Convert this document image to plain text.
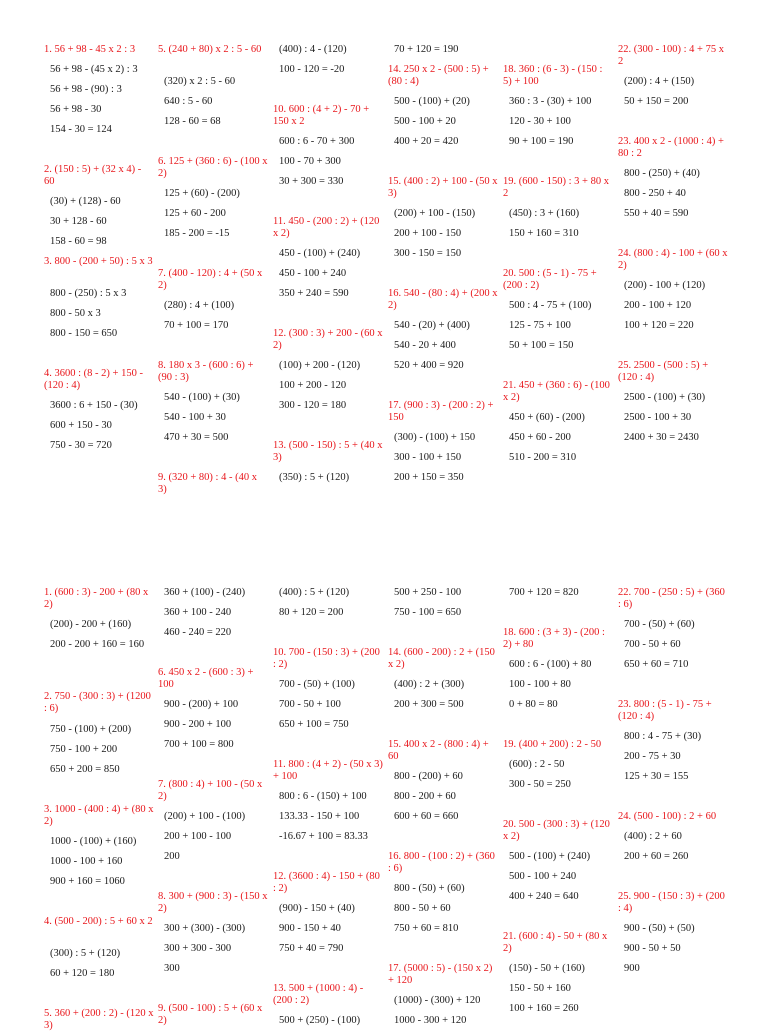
1. 56 + 98 - 45 x 2 : 3
56 + 98 - (45 x 2) : 3
56 + 98 - (90) : 3
56 + 98 - 30
154 - 30 = 124
2. (150 : 5) + (32 x 4) - 60
(30) + (128) - 60
30 + 128 - 60
158 - 60 = 98
3. 800 - (200 + 50) : 5 x 3
800 - (250) : 5 x 3
800 - 50 x 3
800 - 150 = 650
4. 3600 : (8 - 2) + 150 - (120 : 4)
3600 : 6 + 150 - (30)
600 + 150 - 30
750 - 30 = 720
5. (240 + 80) x 2 : 5 - 60
(320) x 2 : 5 - 60
640 : 5 - 60
128 - 60 = 68
6. 125 + (360 : 6) - (100 x 2)
125 + (60) - (200)
125 + 60 - 200
185 - 200 = -15
7. (400 - 120) : 4 + (50 x 2)
(280) : 4 + (100)
70 + 100 = 170
8. 180 x 3 - (600 : 6) + (90 : 3)
540 - (100) + (30)
540 - 100 + 30
470 + 30 = 500
9. (320 + 80) : 4 - (40 x 3)
(400) : 4 - (120)
100 - 120 = -20
10. 600 : (4 + 2) - 70 + 150 x 2
600 : 6 - 70 + 300
100 - 70 + 300
30 + 300 = 330
11. 450 - (200 : 2) + (120 x 2)
450 - (100) + (240)
450 - 100 + 240
350 + 240 = 590
12. (300 : 3) + 200 - (60 x 2)
(100) + 200 - (120)
100 + 200 - 120
300 - 120 = 180
13. (500 - 150) : 5 + (40 x 3)
(350) : 5 + (120)
70 + 120 = 190
14. 250 x 2 - (500 : 5) + (80 : 4)
500 - (100) + (20)
500 - 100 + 20
400 + 20 = 420
15. (400 : 2) + 100 - (50 x 3)
(200) + 100 - (150)
200 + 100 - 150
300 - 150 = 150
16. 540 - (80 : 4) + (200 x 2)
540 - (20) + (400)
540 - 20 + 400
520 + 400 = 920
17. (900 : 3) - (200 : 2) + 150
(300) - (100) + 150
300 - 100 + 150
200 + 150 = 350
18. 360 : (6 - 3) - (150 : 5) + 100
360 : 3 - (30) + 100
120 - 30 + 100
90 + 100 = 190
19. (600 - 150) : 3 + 80 x 2
(450) : 3 + (160)
150 + 160 = 310
20. 500 : (5 - 1) - 75 + (200 : 2)
500 : 4 - 75 + (100)
125 - 75 + 100
50 + 100 = 150
21. 450 + (360 : 6) - (100 x 2)
450 + (60) - (200)
450 + 60 - 200
510 - 200 = 310
22. (300 - 100) : 4 + 75 x 2
(200) : 4 + (150)
50 + 150 = 200
23. 400 x 2 - (1000 : 4) + 80 : 2
800 - (250) + (40)
800 - 250 + 40
550 + 40 = 590
24. (800 : 4) - 100 + (60 x 2)
(200) - 100 + (120)
200 - 100 + 120
100 + 120 = 220
25. 2500 - (500 : 5) + (120 : 4)
2500 - (100) + (30)
2500 - 100 + 30
2400 + 30 = 2430
1. (600 : 3) - 200 + (80 x 2)
(200) - 200 + (160)
200 - 200 + 160 = 160
2. 750 - (300 : 3) + (1200 : 6)
750 - (100) + (200)
750 - 100 + 200
650 + 200 = 850
3. 1000 - (400 : 4) + (80 x 2)
1000 - (100) + (160)
1000 - 100 + 160
900 + 160 = 1060
4. (500 - 200) : 5 + 60 x 2
(300) : 5 + (120)
60 + 120 = 180
5. 360 + (200 : 2) - (120 x 3)
360 + (100) - (240)
360 + 100 - 240
460 - 240 = 220
6. 450 x 2 - (600 : 3) + 100
900 - (200) + 100
900 - 200 + 100
700 + 100 = 800
7. (800 : 4) + 100 - (50 x 2)
(200) + 100 - (100)
200 + 100 - 100
200
8. 300 + (900 : 3) - (150 x 2)
300 + (300) - (300)
300 + 300 - 300
300
9. (500 - 100) : 5 + (60 x 2)
(400) : 5 + (120)
80 + 120 = 200
10. 700 - (150 : 3) + (200 : 2)
700 - (50) + (100)
700 - 50 + 100
650 + 100 = 750
11. 800 : (4 + 2) - (50 x 3) + 100
800 : 6 - (150) + 100
133.33 - 150 + 100
-16.67 + 100 = 83.33
12. (3600 : 4) - 150 + (80 : 2)
(900) - 150 + (40)
900 - 150 + 40
750 + 40 = 790
13. 500 + (1000 : 4) - (200 : 2)
500 + (250) - (100)
500 + 250 - 100
750 - 100 = 650
14. (600 - 200) : 2 + (150 x 2)
(400) : 2 + (300)
200 + 300 = 500
15. 400 x 2 - (800 : 4) + 60
800 - (200) + 60
800 - 200 + 60
600 + 60 = 660
16. 800 - (100 : 2) + (360 : 6)
800 - (50) + (60)
800 - 50 + 60
750 + 60 = 810
17. (5000 : 5) - (150 x 2) + 120
(1000) - (300) + 120
1000 - 300 + 120
700 + 120 = 820
18. 600 : (3 + 3) - (200 : 2) + 80
600 : 6 - (100) + 80
100 - 100 + 80
0 + 80 = 80
19. (400 + 200) : 2 - 50
(600) : 2 - 50
300 - 50 = 250
20. 500 - (300 : 3) + (120 x 2)
500 - (100) + (240)
500 - 100 + 240
400 + 240 = 640
21. (600 : 4) - 50 + (80 x 2)
(150) - 50 + (160)
150 - 50 + 160
100 + 160 = 260
22. 700 - (250 : 5) + (360 : 6)
700 - (50) + (60)
700 - 50 + 60
650 + 60 = 710
23. 800 : (5 - 1) - 75 + (120 : 4)
800 : 4 - 75 + (30)
200 - 75 + 30
125 + 30 = 155
24. (500 - 100) : 2 + 60
(400) : 2 + 60
200 + 60 = 260
25. 900 - (150 : 3) + (200 : 4)
900 - (50) + (50)
900 - 50 + 50
900
